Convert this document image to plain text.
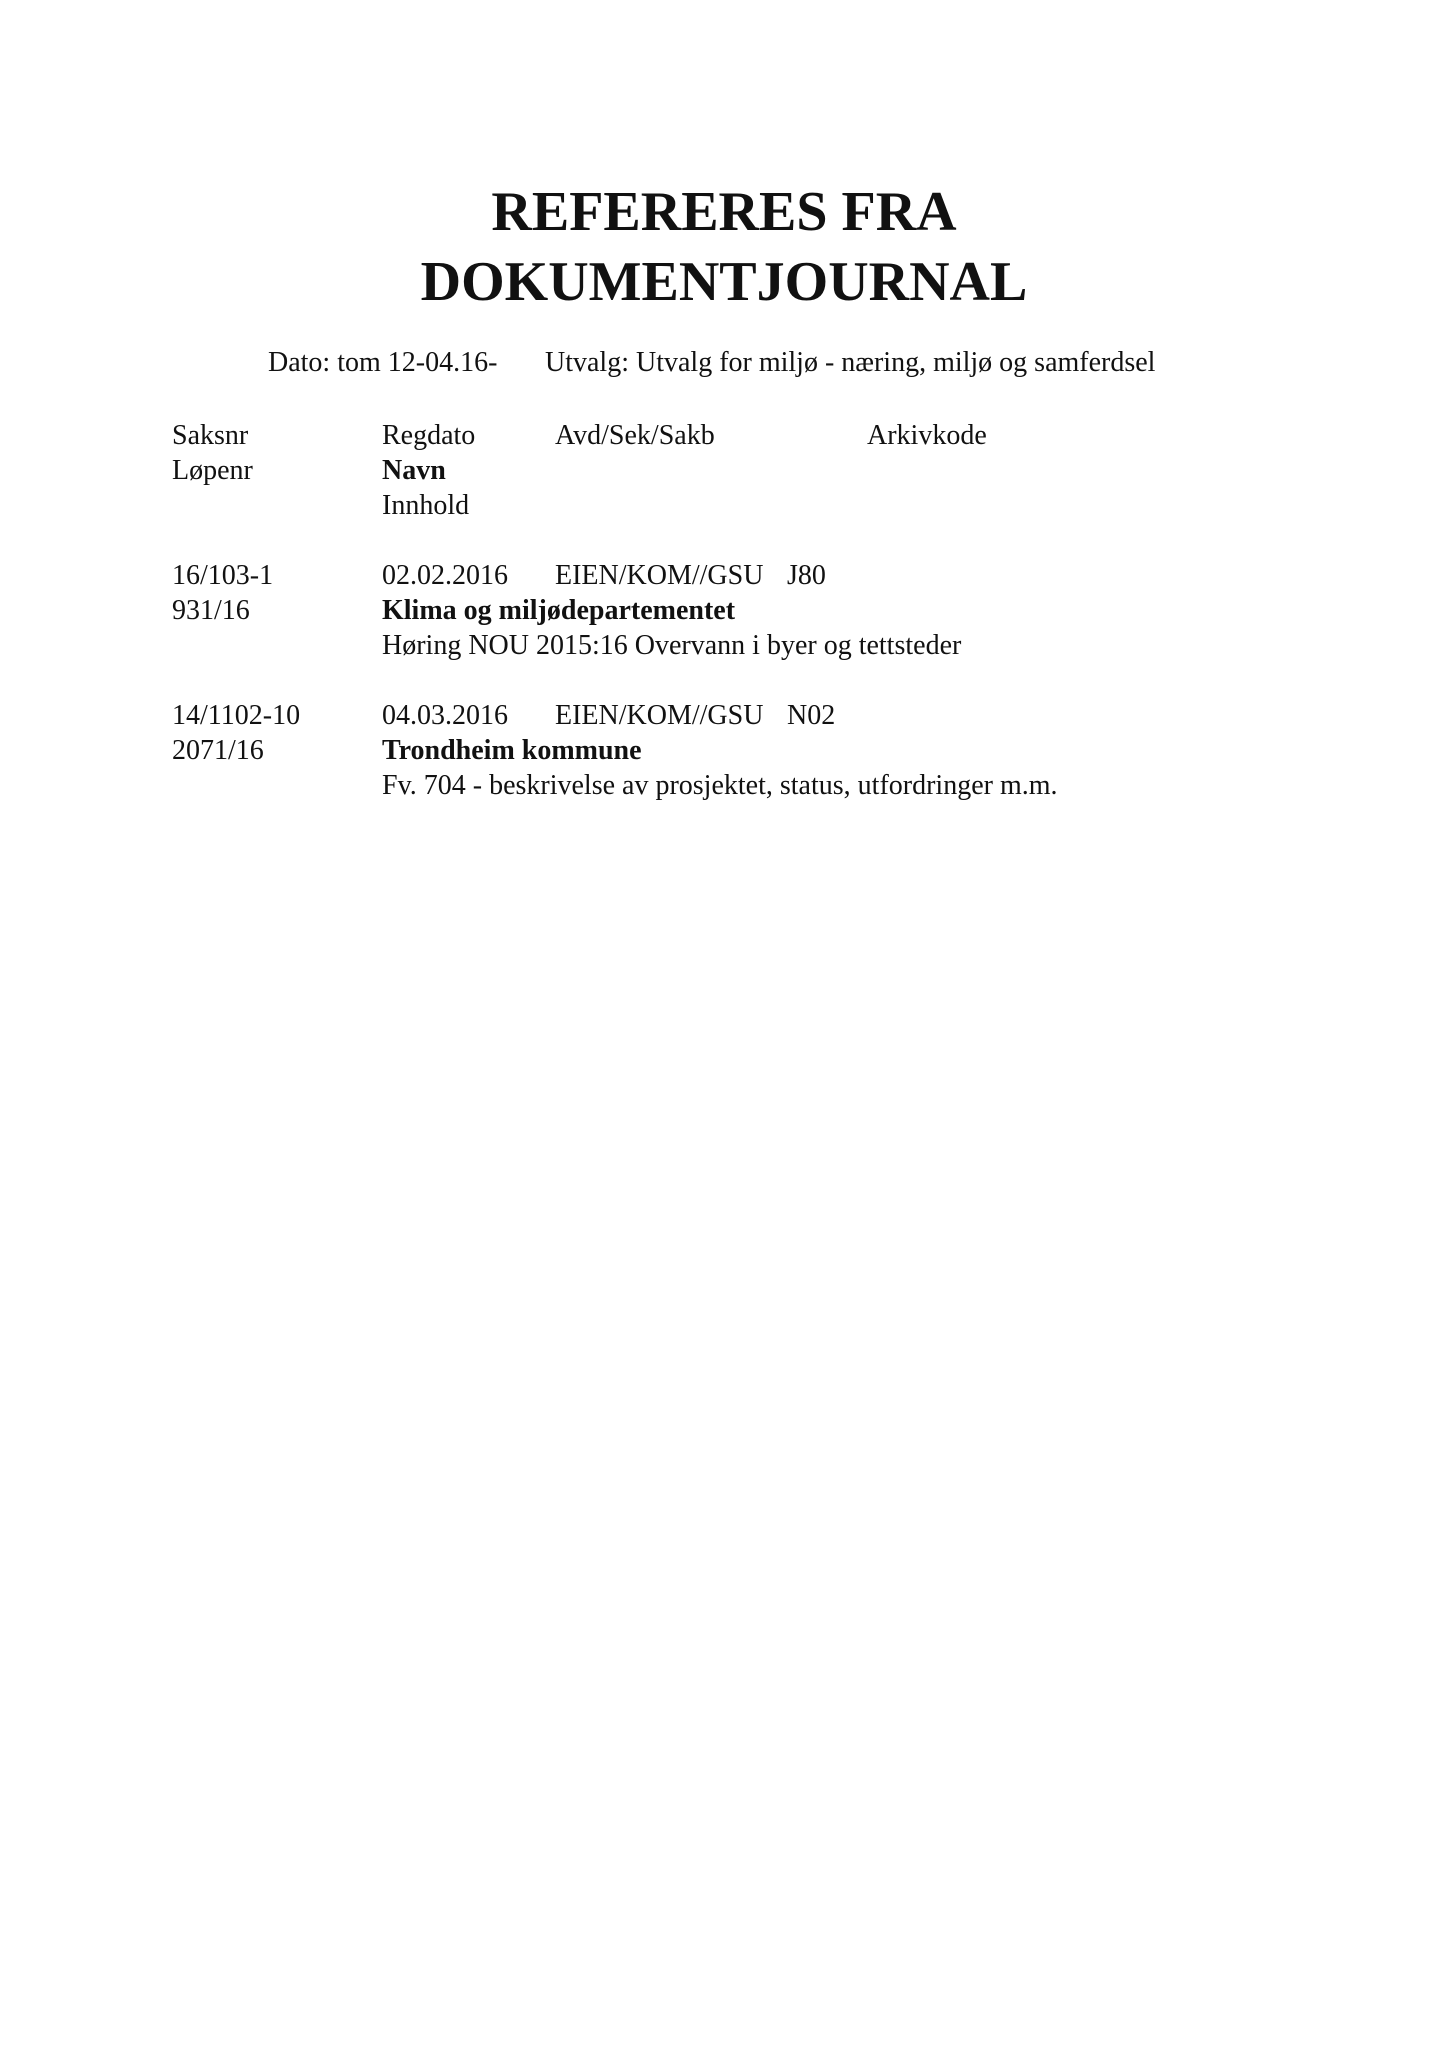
REFERERES FRA
DOKUMENTJOURNAL
Dato: tom 12-04.16- Utvalg: Utvalg for miljø - næring, miljø og samferdsel
Saksnr	Regdato	Avd/Sek/Sakb	Arkivkode
Løpenr	Navn
Innhold
16/103-1	02.02.2016 EIEN/KOM//GSU J80
931/16	Klima og miljødepartementet
Høring NOU 2015:16 Overvann i byer og tettsteder
14/1102-10	04.03.2016 EIEN/KOM//GSU N02
2071/16	Trondheim kommune
Fv. 704 - beskrivelse av prosjektet, status, utfordringer m.m.
